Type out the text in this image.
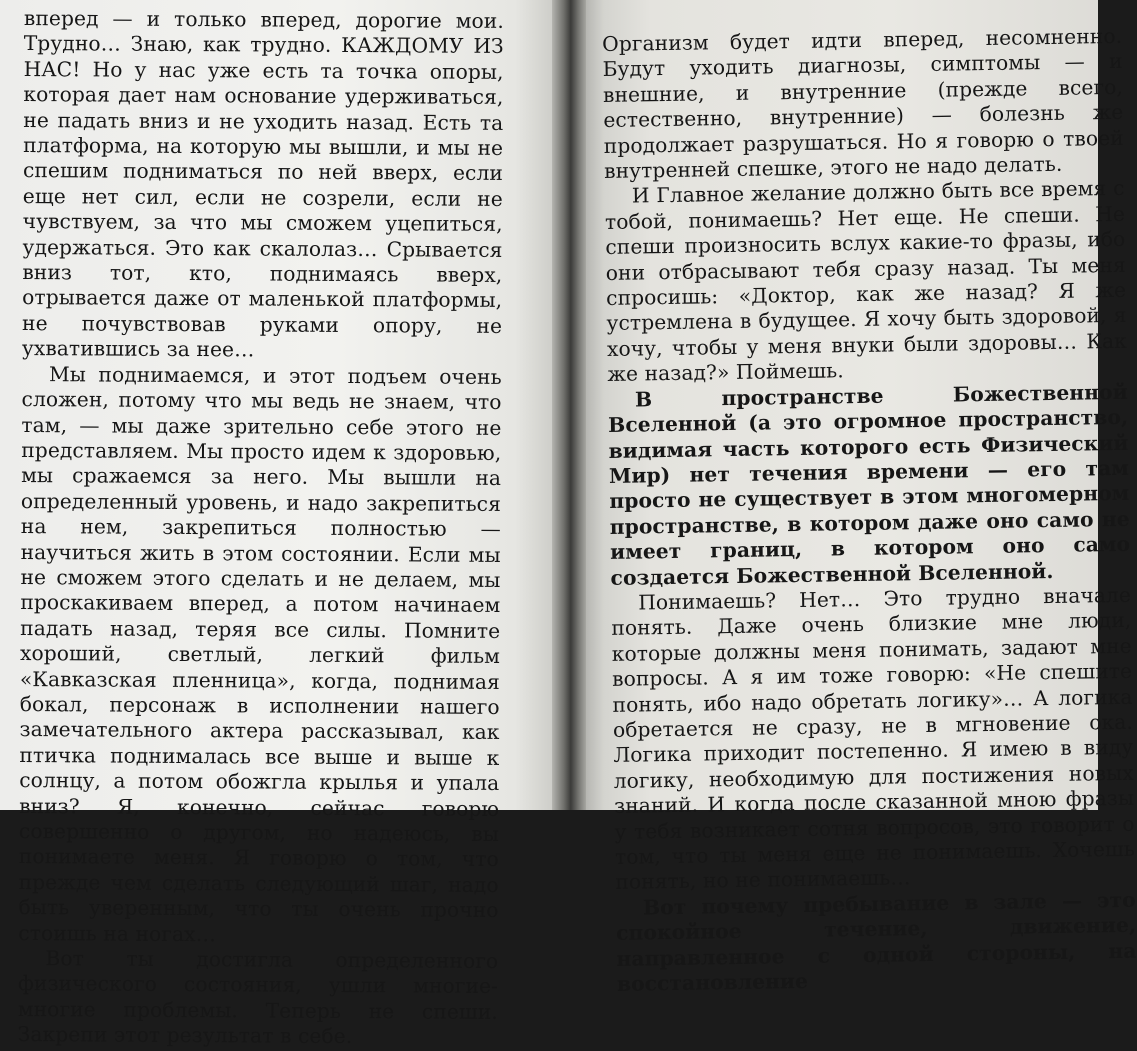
вперед — и только вперед, дорогие мои. Трудно… Знаю, как трудно. КАЖДОМУ ИЗ НАС! Но у нас уже есть та точка опоры, которая дает нам основание удерживаться, не падать вниз и не уходить назад. Есть та платформа, на которую мы вышли, и мы не спешим подниматься по ней вверх, если еще нет сил, если не созрели, если не чувствуем, за что мы сможем уцепиться, удержаться. Это как скалолаз… Срывается вниз тот, кто, поднимаясь вверх, отрывается даже от маленькой платформы, не почувствовав руками опору, не ухватившись за нее…

Мы поднимаемся, и этот подъем очень сложен, потому что мы ведь не знаем, что там, — мы даже зрительно себе этого не представляем. Мы просто идем к здоровью, мы сражаемся за него. Мы вышли на определенный уровень, и надо закрепиться на нем, закрепиться полностью — научиться жить в этом состоянии. Если мы не сможем этого сделать и не делаем, мы проскакиваем вперед, а потом начинаем падать назад, теряя все силы. Помните хороший, светлый, легкий фильм «Кавказская пленница», когда, поднимая бокал, персонаж в исполнении нашего замечательного актера рассказывал, как птичка поднималась все выше и выше к солнцу, а потом обожгла крылья и упала вниз? Я, конечно, сейчас говорю совершенно о другом, но надеюсь, вы понимаете меня. Я говорю о том, что прежде чем сделать следующий шаг, надо быть уверенным, что ты очень прочно стоишь на ногах…

Вот ты достигла определенного физического состояния, ушли многие-многие проблемы. Теперь не спеши. Закрепи этот результат в себе.

Организм будет идти вперед, несомненно. Будут уходить диагнозы, симптомы — и внешние, и внутренние (прежде всего, естественно, внутренние) — болезнь же продолжает разрушаться. Но я говорю о твоей внутренней спешке, этого не надо делать.

И Главное желание должно быть все время с тобой, понимаешь? Нет еще. Не спеши. Не спеши произносить вслух какие-то фразы, ибо они отбрасывают тебя сразу назад. Ты меня спросишь: «Доктор, как же назад? Я же устремлена в будущее. Я хочу быть здоровой, я хочу, чтобы у меня внуки были здоровы… Как же назад?» Поймешь.

В пространстве Божественной Вселенной (а это огромное пространство, видимая часть которого есть Физический Мир) нет течения времени — его там просто не существует в этом многомерном пространстве, в котором даже оно само не имеет границ, в котором оно само создается Божественной Вселенной.

Понимаешь? Нет… Это трудно вначале понять. Даже очень близкие мне люди, которые должны меня понимать, задают мне вопросы. А я им тоже говорю: «Не спешите понять, ибо надо обретать логику»… А логика обретается не сразу, не в мгновение ока. Логика приходит постепенно. Я имею в виду логику, необходимую для постижения новых знаний. И когда после сказанной мною фразы у тебя возникает сотня вопросов, это говорит о том, что ты меня еще не понимаешь. Хочешь понять, но не понимаешь…

Вот почему пребывание в зале — это спокойное течение, движение, направленное с одной стороны, на восстановление
